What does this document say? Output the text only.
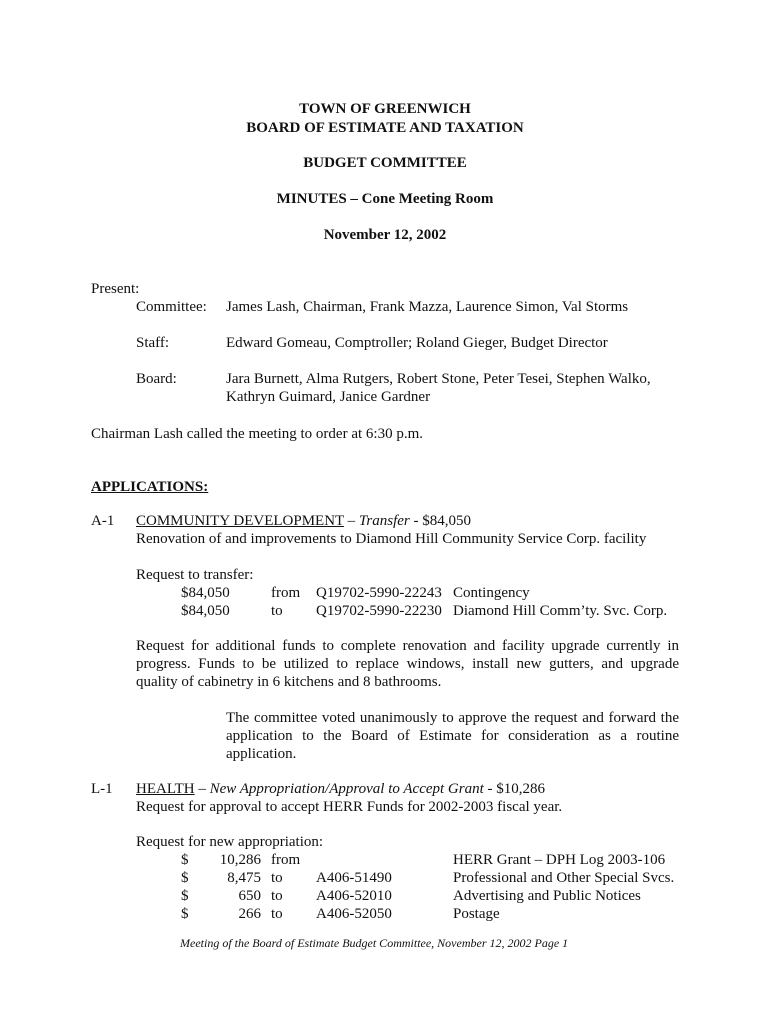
TOWN OF GREENWICH
BOARD OF ESTIMATE AND TAXATION
BUDGET COMMITTEE
MINUTES – Cone Meeting Room
November 12, 2002
Present:
Committee: James Lash, Chairman, Frank Mazza, Laurence Simon, Val Storms
Staff:	Edward Gomeau, Comptroller; Roland Gieger, Budget Director
Board:	Jara Burnett, Alma Rutgers, Robert Stone, Peter Tesei, Stephen Walko,
Kathryn Guimard, Janice Gardner
Chairman Lash called the meeting to order at 6:30 p.m.
APPLICATIONS:
A-1 COMMUNITY DEVELOPMENT – Transfer - $84,050
Renovation of and improvements to Diamond Hill Community Service Corp. facility
Request to transfer:
$84,050	from Q19702-5990-22243 Contingency
$84,050	to Q19702-5990-22230 Diamond Hill Comm’ty. Svc. Corp.
Request for additional funds to complete renovation and facility upgrade currently in
progress. Funds to be utilized to replace windows, install new gutters, and upgrade
quality of cabinetry in 6 kitchens and 8 bathrooms.
The committee voted unanimously to approve the request and forward the
application to the Board of Estimate for consideration as a routine
application.
L-1 HEALTH – New Appropriation/Approval to Accept Grant - $10,286
Request for approval to accept HERR Funds for 2002-2003 fiscal year.
Request for new appropriation:
$	10,286 from	HERR Grant – DPH Log 2003-106
$	8,475 to A406-51490	Professional and Other Special Svcs.
$	650 to A406-52010	Advertising and Public Notices
$	266 to A406-52050	Postage
Meeting of the Board of Estimate Budget Committee, November 12, 2002 Page 1
